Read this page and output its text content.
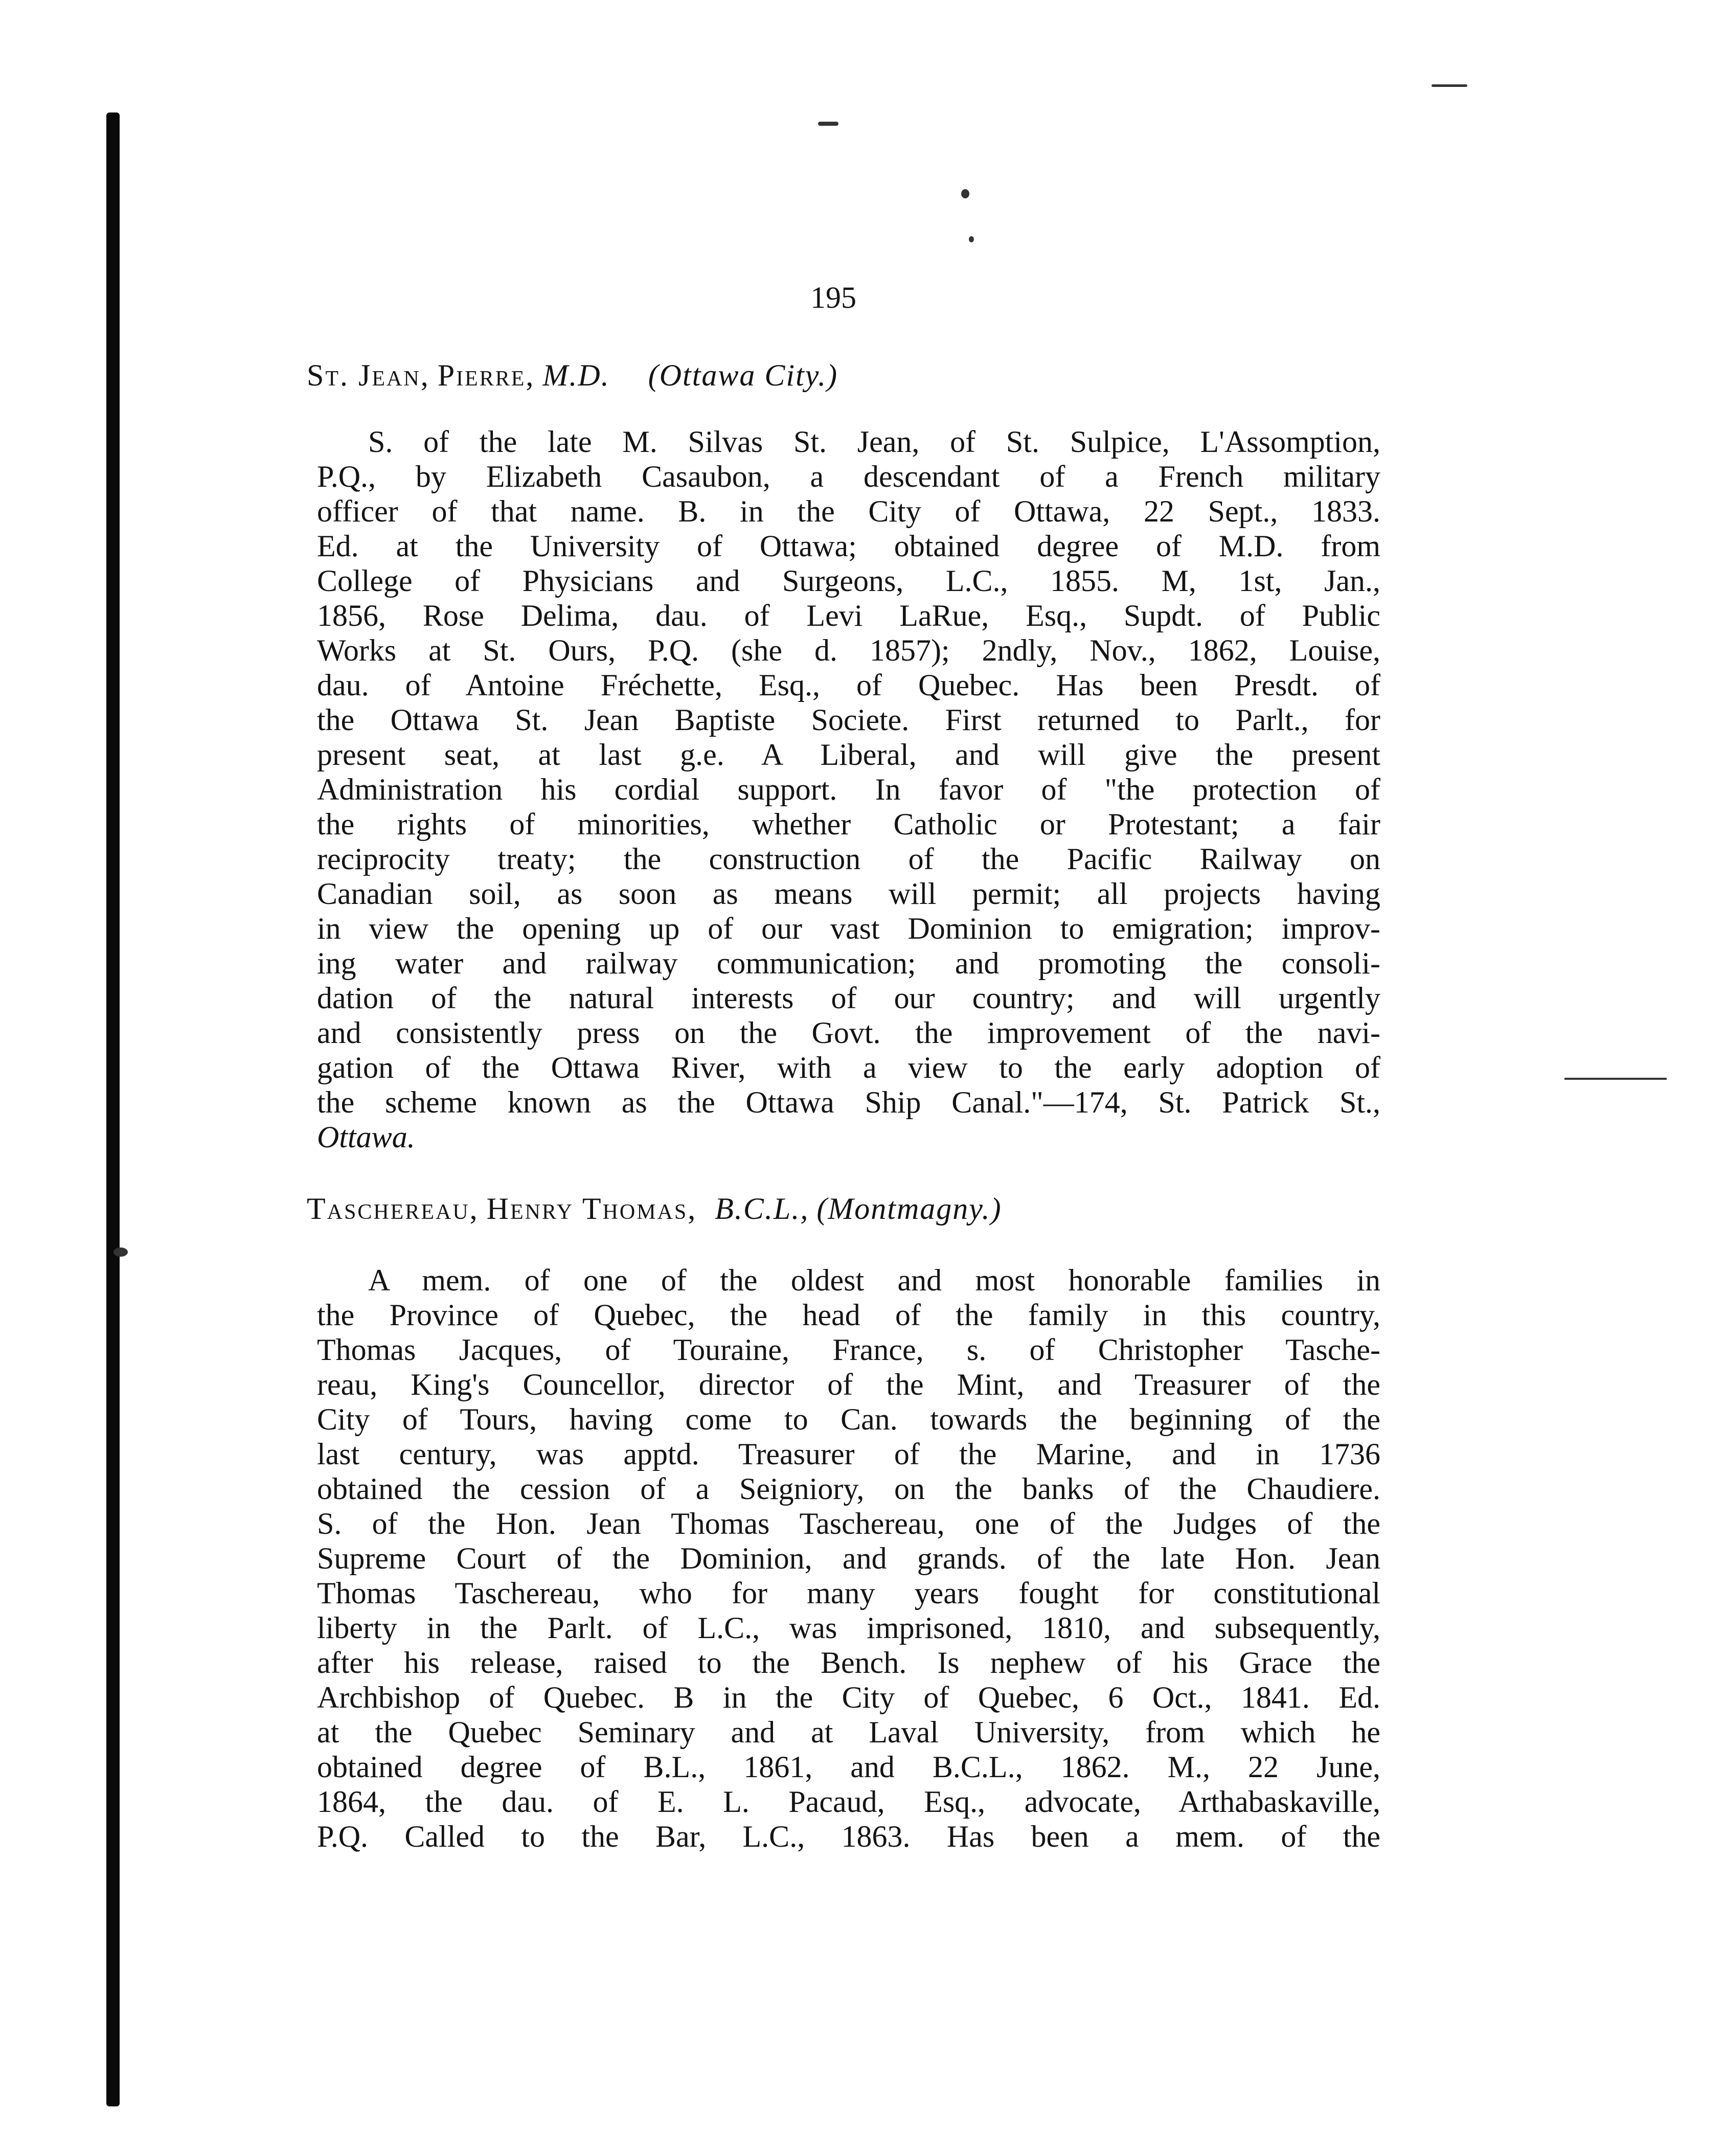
195
St. Jean, Pierre, M.D. (Ottawa City.)
S. of the late M. Silvas St. Jean, of St. Sulpice, L'Assomption,
P.Q., by Elizabeth Casaubon, a descendant of a French military
officer of that name. B. in the City of Ottawa, 22 Sept., 1833.
Ed. at the University of Ottawa; obtained degree of M.D. from
College of Physicians and Surgeons, L.C., 1855. M, 1st, Jan.,
1856, Rose Delima, dau. of Levi LaRue, Esq., Supdt. of Public
Works at St. Ours, P.Q. (she d. 1857); 2ndly, Nov., 1862, Louise,
dau. of Antoine Fréchette, Esq., of Quebec. Has been Presdt. of
the Ottawa St. Jean Baptiste Societe. First returned to Parlt., for
present seat, at last g.e. A Liberal, and will give the present
Administration his cordial support. In favor of "the protection of
the rights of minorities, whether Catholic or Protestant; a fair
reciprocity treaty; the construction of the Pacific Railway on
Canadian soil, as soon as means will permit; all projects having
in view the opening up of our vast Dominion to emigration; improv-
ing water and railway communication; and promoting the consoli-
dation of the natural interests of our country; and will urgently
and consistently press on the Govt. the improvement of the navi-
gation of the Ottawa River, with a view to the early adoption of
the scheme known as the Ottawa Ship Canal."—174, St. Patrick St.,
Ottawa.
Taschereau, Henry Thomas, B.C.L., (Montmagny.)
A mem. of one of the oldest and most honorable families in
the Province of Quebec, the head of the family in this country,
Thomas Jacques, of Touraine, France, s. of Christopher Tasche-
reau, King's Councellor, director of the Mint, and Treasurer of the
City of Tours, having come to Can. towards the beginning of the
last century, was apptd. Treasurer of the Marine, and in 1736
obtained the cession of a Seigniory, on the banks of the Chaudiere.
S. of the Hon. Jean Thomas Taschereau, one of the Judges of the
Supreme Court of the Dominion, and grands. of the late Hon. Jean
Thomas Taschereau, who for many years fought for constitutional
liberty in the Parlt. of L.C., was imprisoned, 1810, and subsequently,
after his release, raised to the Bench. Is nephew of his Grace the
Archbishop of Quebec. B in the City of Quebec, 6 Oct., 1841. Ed.
at the Quebec Seminary and at Laval University, from which he
obtained degree of B.L., 1861, and B.C.L., 1862. M., 22 June,
1864, the dau. of E. L. Pacaud, Esq., advocate, Arthabaskaville,
P.Q. Called to the Bar, L.C., 1863. Has been a mem. of the
